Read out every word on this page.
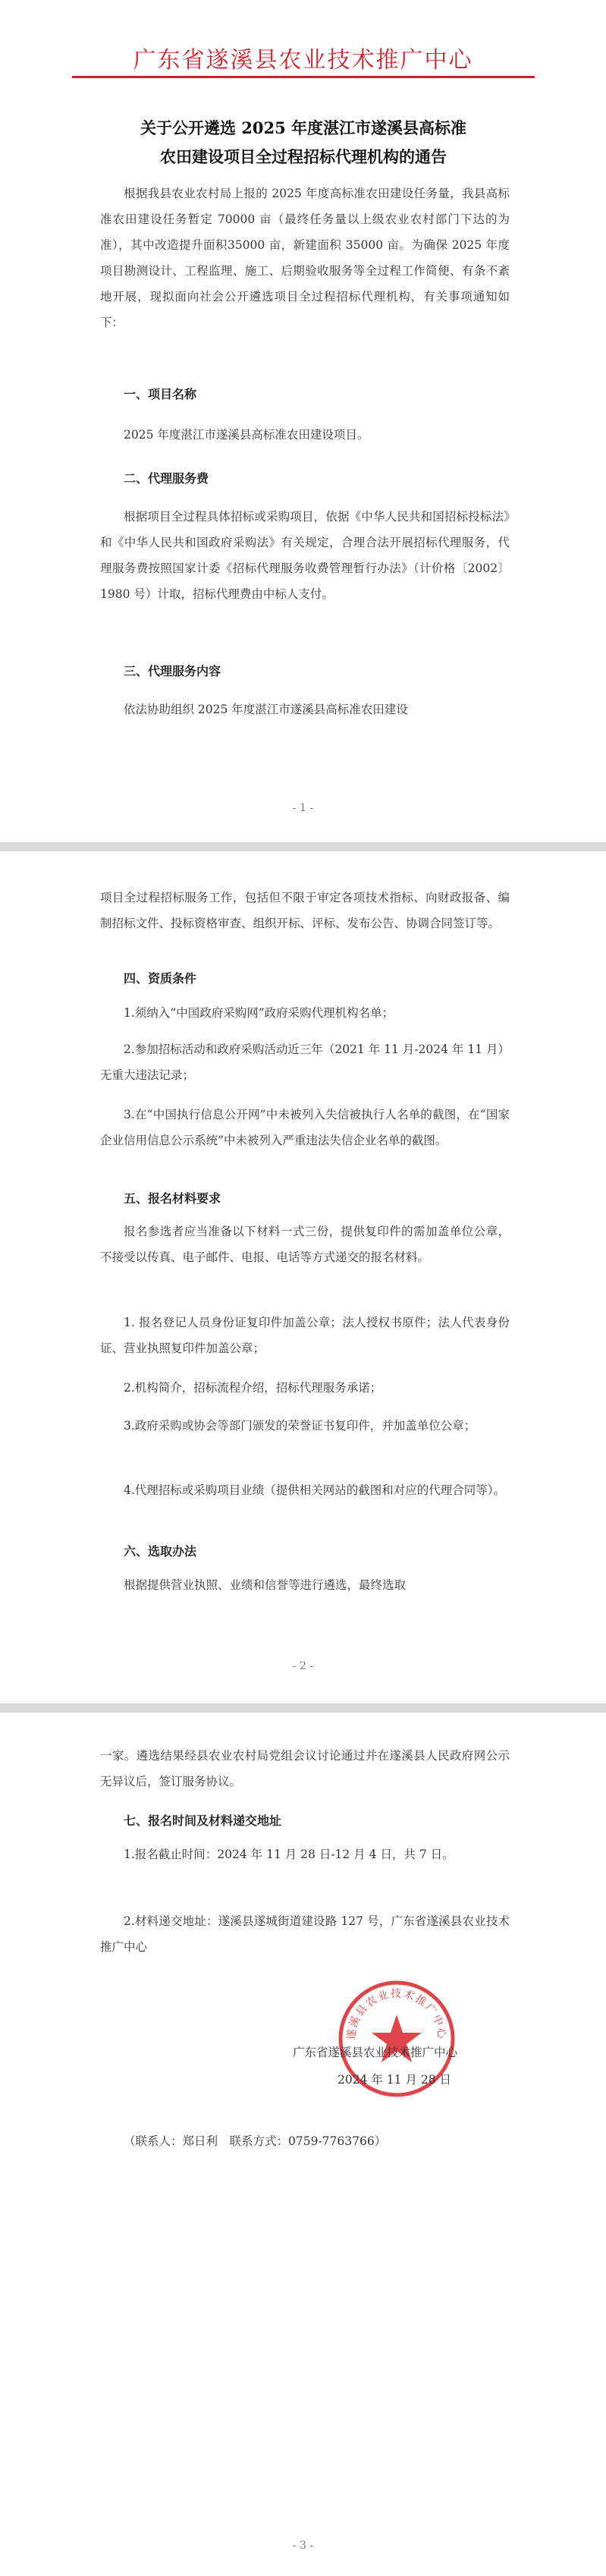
广东省遂溪县农业技术推广中心
关于公开遴选 2025 年度湛江市遂溪县高标准
农田建设项目全过程招标代理机构的通告
根据我县农业农村局上报的 2025 年度高标准农田建设任务量，我县高标准农田建设任务暂定 70000 亩（最终任务量以上级农业农村部门下达的为准），其中改造提升面积35000 亩，新建面积 35000 亩。为确保 2025 年度项目勘测设计、工程监理、施工、后期验收服务等全过程工作简便、有条不紊地开展，现拟面向社会公开遴选项目全过程招标代理机构，有关事项通知如下：
一、项目名称
2025 年度湛江市遂溪县高标准农田建设项目。
二、代理服务费
根据项目全过程具体招标或采购项目，依据《中华人民共和国招标投标法》和《中华人民共和国政府采购法》有关规定，合理合法开展招标代理服务，代理服务费按照国家计委《招标代理服务收费管理暂行办法》（计价格〔2002〕1980 号）计取，招标代理费由中标人支付。
三、代理服务内容
依法协助组织 2025 年度湛江市遂溪县高标准农田建设
- 1 -
项目全过程招标服务工作，包括但不限于审定各项技术指标、向财政报备、编制招标文件、投标资格审查、组织开标、评标、发布公告、协调合同签订等。
四、资质条件
1.须纳入“中国政府采购网”政府采购代理机构名单；
2.参加招标活动和政府采购活动近三年（2021 年 11 月-2024 年 11 月）无重大违法记录；
3.在“中国执行信息公开网”中未被列入失信被执行人名单的截图，在“国家企业信用信息公示系统”中未被列入严重违法失信企业名单的截图。
五、报名材料要求
报名参选者应当准备以下材料一式三份，提供复印件的需加盖单位公章，不接受以传真、电子邮件、电报、电话等方式递交的报名材料。
1. 报名登记人员身份证复印件加盖公章；法人授权书原件；法人代表身份证、营业执照复印件加盖公章；
2.机构简介，招标流程介绍，招标代理服务承诺；
3.政府采购或协会等部门颁发的荣誉证书复印件，并加盖单位公章；
4.代理招标或采购项目业绩（提供相关网站的截图和对应的代理合同等）。
六、选取办法
根据提供营业执照、业绩和信誉等进行遴选，最终选取
- 2 -
一家。遴选结果经县农业农村局党组会议讨论通过并在遂溪县人民政府网公示无异议后，签订服务协议。
七、报名时间及材料递交地址
1.报名截止时间：2024 年 11 月 28 日-12 月 4 日，共 7 日。
2.材料递交地址：遂溪县遂城街道建设路 127 号，广东省遂溪县农业技术推广中心
遂溪县农业技术推广中心
广东省遂溪县农业技术推广中心
2024 年 11 月 28 日
（联系人：郑日利　联系方式：0759-7763766）
- 3 -
